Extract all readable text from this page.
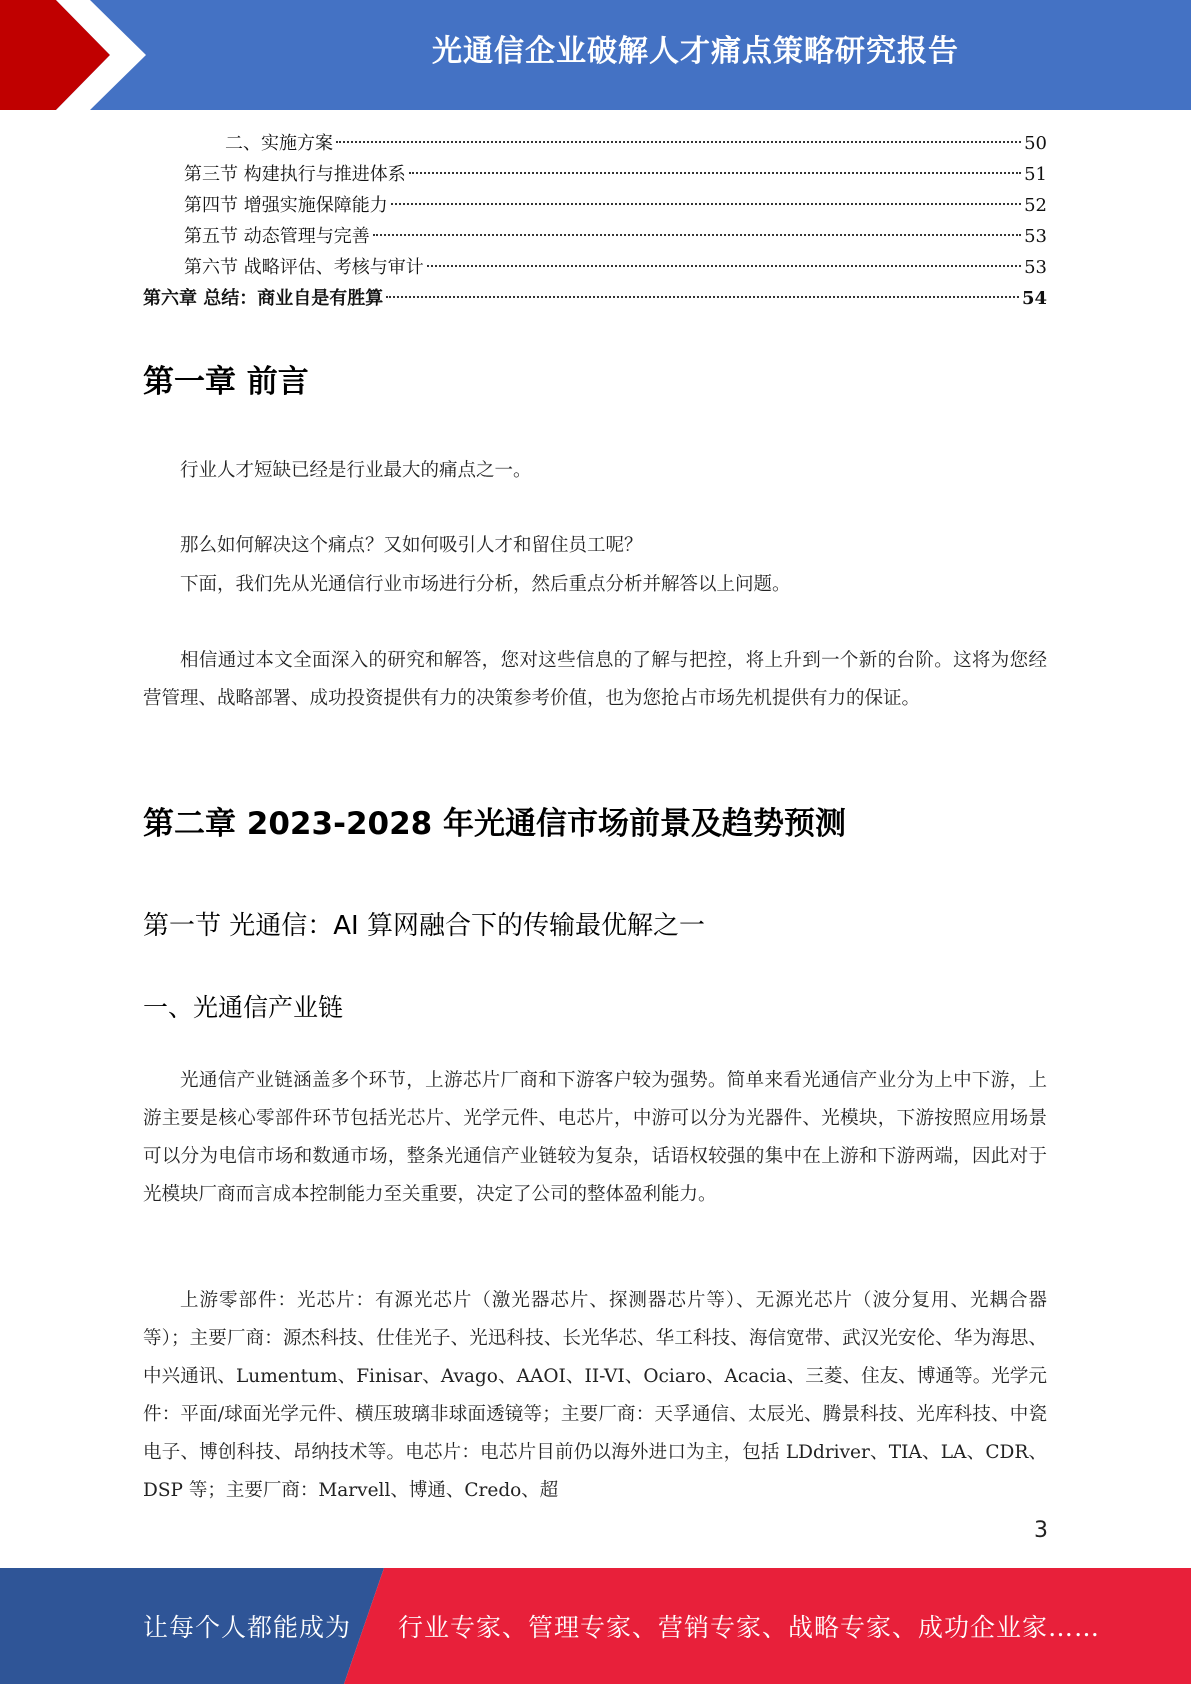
光通信企业破解人才痛点策略研究报告
二、实施方案	50
第三节 构建执行与推进体系	51
第四节 增强实施保障能力	52
第五节 动态管理与完善	53
第六节 战略评估、考核与审计	53
第六章 总结：商业自是有胜算	54
第一章 前言
行业人才短缺已经是行业最大的痛点之一。
那么如何解决这个痛点？又如何吸引人才和留住员工呢？
下面，我们先从光通信行业市场进行分析，然后重点分析并解答以上问题。
相信通过本文全面深入的研究和解答，您对这些信息的了解与把控，将上升到一个新的台阶。这将为您经营管理、战略部署、成功投资提供有力的决策参考价值，也为您抢占市场先机提供有力的保证。
第二章 2023-2028 年光通信市场前景及趋势预测
第一节 光通信：AI 算网融合下的传输最优解之一
一、光通信产业链
光通信产业链涵盖多个环节，上游芯片厂商和下游客户较为强势。简单来看光通信产业分为上中下游，上游主要是核心零部件环节包括光芯片、光学元件、电芯片，中游可以分为光器件、光模块，下游按照应用场景可以分为电信市场和数通市场，整条光通信产业链较为复杂，话语权较强的集中在上游和下游两端，因此对于光模块厂商而言成本控制能力至关重要，决定了公司的整体盈利能力。
上游零部件：光芯片：有源光芯片（激光器芯片、探测器芯片等）、无源光芯片（波分复用、光耦合器等）；主要厂商：源杰科技、仕佳光子、光迅科技、长光华芯、华工科技、海信宽带、武汉光安伦、华为海思、中兴通讯、Lumentum、Finisar、Avago、AAOI、II-VI、Ociaro、Acacia、三菱、住友、博通等。光学元件：平面/球面光学元件、横压玻璃非球面透镜等；主要厂商：天孚通信、太辰光、腾景科技、光库科技、中瓷电子、博创科技、昂纳技术等。电芯片：电芯片目前仍以海外进口为主，包括 LDdriver、TIA、LA、CDR、DSP 等；主要厂商：Marvell、博通、Credo、超
3
让每个人都能成为 行业专家、管理专家、营销专家、战略专家、成功企业家……
